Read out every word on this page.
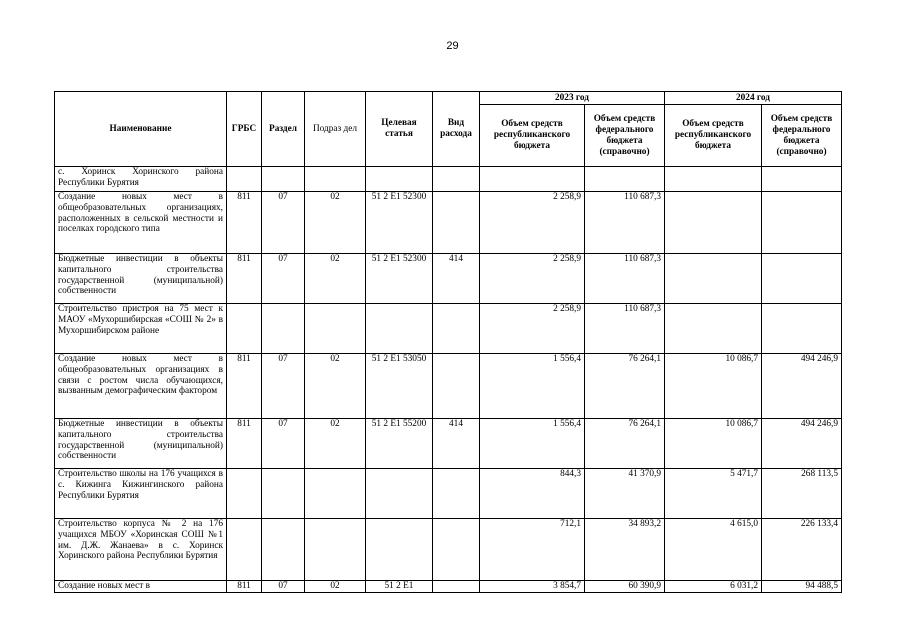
29
Наименование	ГРБС	Раздел	Подраз дел	Целевая статья	Вид расхода	2023 год		2024 год	
						Объем средств республиканского бюджета	Объем средств федерального бюджета (справочно)	Объем средств республиканского бюджета	Объем средств федерального бюджета (справочно)
с. Хоринск Хоринского района Республики Бурятия									
Создание новых мест в общеобразовательных организациях, расположенных в сельской местности и поселках городского типа	811	07	02	51 2 E1 52300		2 258,9	110 687,3		
Бюджетные инвестиции в объекты капитального строительства государственной (муниципальной) собственности	811	07	02	51 2 E1 52300	414	2 258,9	110 687,3		
Строительство пристроя на 75 мест к МАОУ «Мухоршибирская «СОШ № 2» в Мухоршибирском районе						2 258,9	110 687,3		
Создание новых мест в общеобразовательных организациях в связи с ростом числа обучающихся, вызванным демографическим фактором	811	07	02	51 2 E1 53050		1 556,4	76 264,1	10 086,7	494 246,9
Бюджетные инвестиции в объекты капитального строительства государственной (муниципальной) собственности	811	07	02	51 2 E1 55200	414	1 556,4	76 264,1	10 086,7	494 246,9
Строительство школы на 176 учащихся в с. Кижинга Кижингинского района Республики Бурятия						844,3	41 370,9	5 471,7	268 113,5
Строительство корпуса № 2 на 176 учащихся МБОУ «Хоринская СОШ №1 им. Д.Ж. Жанаева» в с. Хоринск Хоринского района Республики Бурятия						712,1	34 893,2	4 615,0	226 133,4
Создание новых мест в	811	07	02	51 2 E1		3 854,7	60 390,9	6 031,2	94 488,5
